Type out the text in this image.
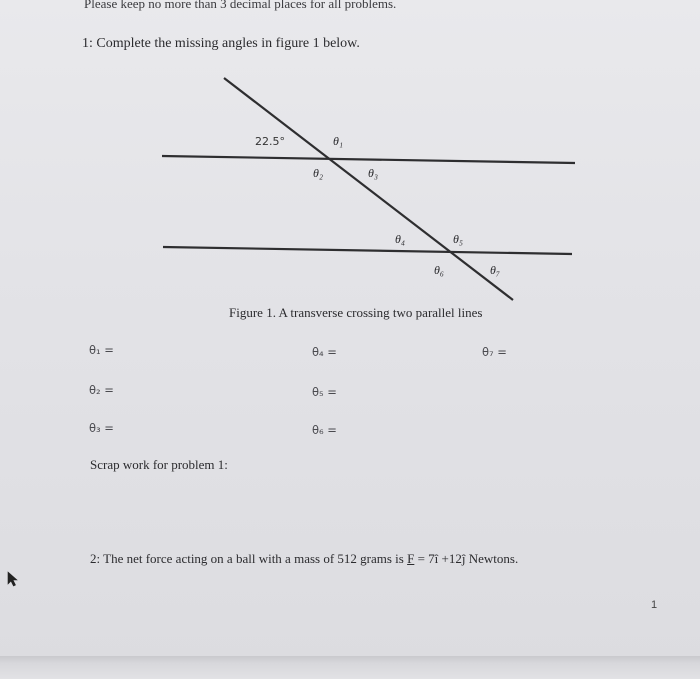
Please keep no more than 3 decimal places for all problems.
1: Complete the missing angles in figure 1 below.
22.5°	θ₁
θ₂	θ₃
θ₄	θ₅
θ₆	θ₇
Figure 1. A transverse crossing two parallel lines
θ₁ =
θ₂ =
θ₃ =
θ₄ =
θ₅ =
θ₆ =
θ₇ =
Scrap work for problem 1:
2: The net force acting on a ball with a mass of 512 grams is F = 7î +12ĵ Newtons.
1
